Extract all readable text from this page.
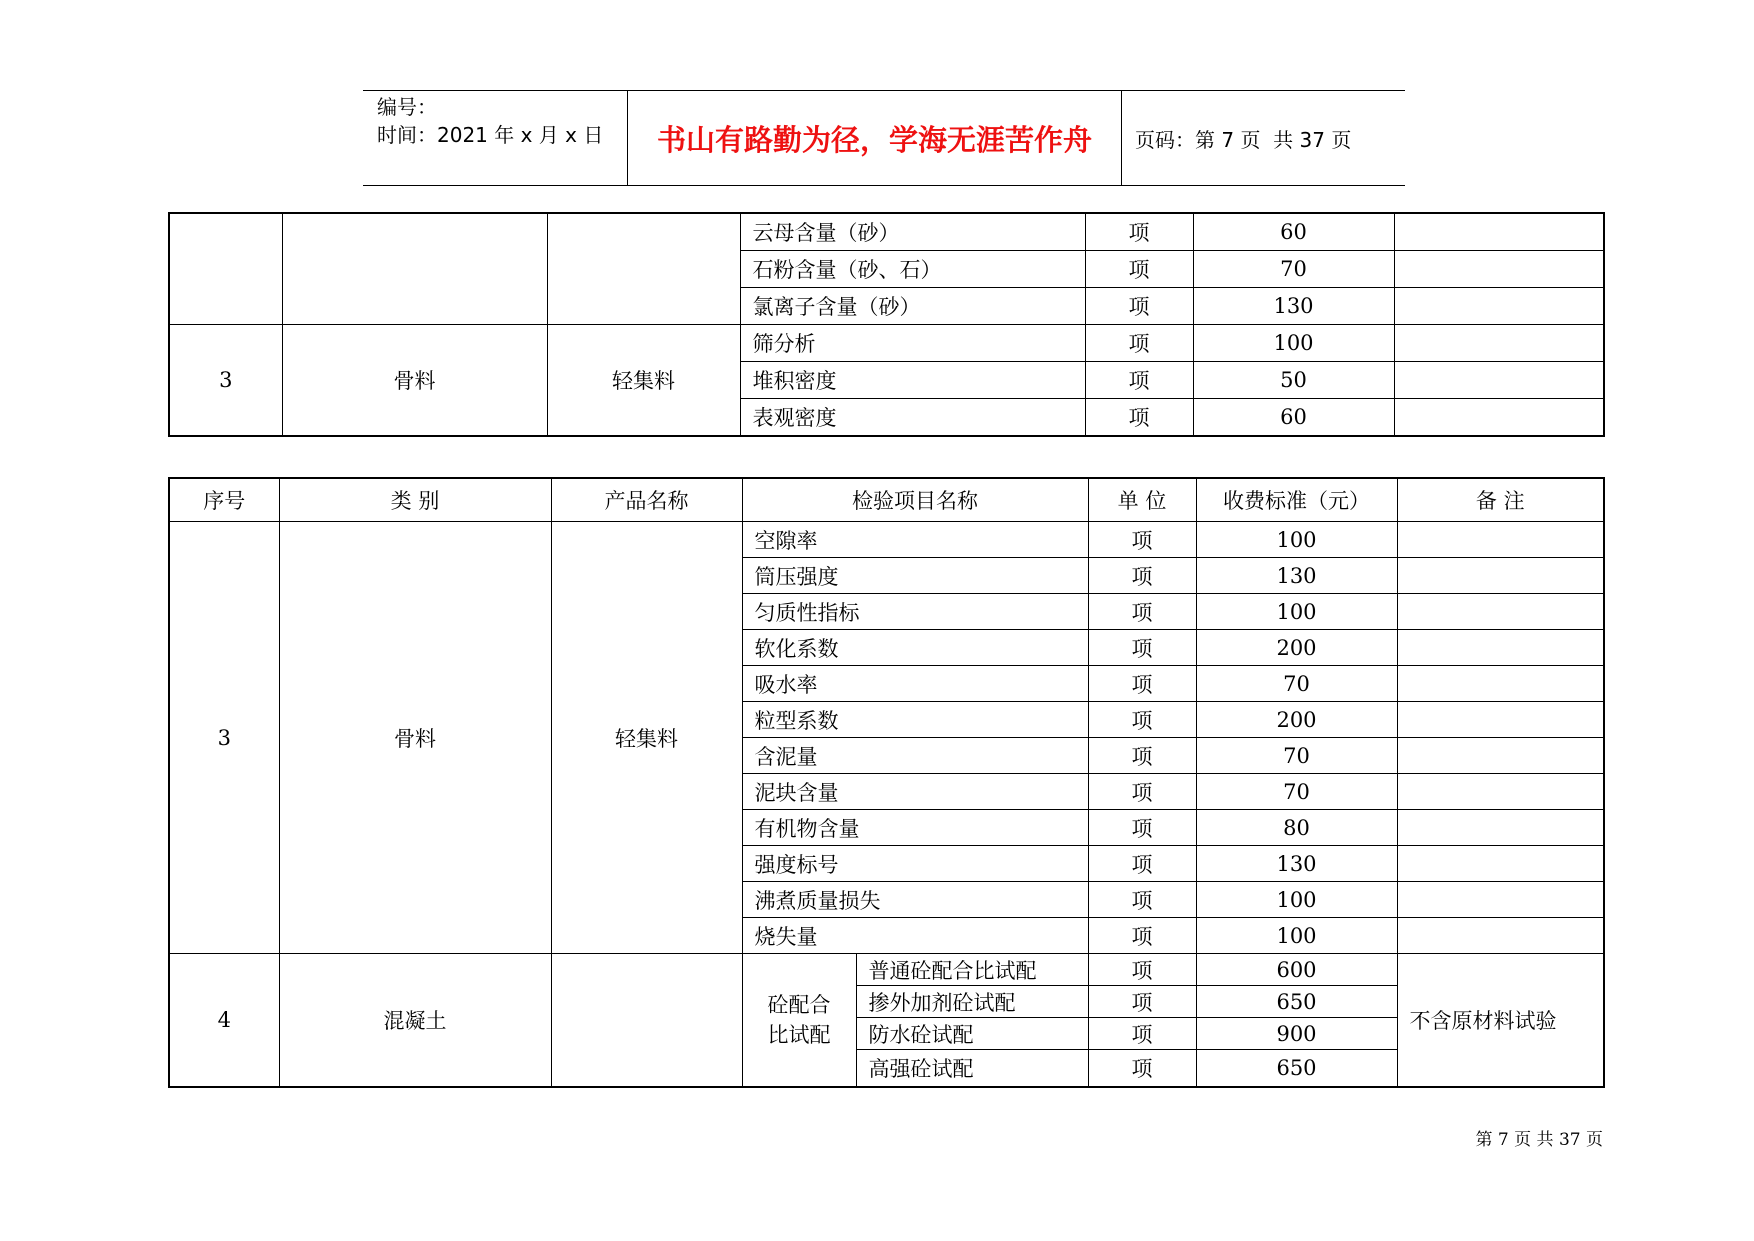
编号：
时间：2021 年 x 月 x 日	书山有路勤为径，学海无涯苦作舟	页码：第 7 页  共 37 页
			云母含量（砂）	项	60	
			石粉含量（砂、石）	项	70	
			氯离子含量（砂）	项	130	
3	骨料	轻集料	筛分析	项	100	
			堆积密度	项	50	
			表观密度	项	60	
序号	类 别	产品名称	检验项目名称		单 位	收费标准（元）	备 注
3	骨料	轻集料	空隙率		项	100	
			筒压强度		项	130	
			匀质性指标		项	100	
			软化系数		项	200	
			吸水率		项	70	
			粒型系数		项	200	
			含泥量		项	70	
			泥块含量		项	70	
			有机物含量		项	80	
			强度标号		项	130	
			沸煮质量损失		项	100	
			烧失量		项	100	
4	混凝土		砼配合比试配	普通砼配合比试配	项	600	不含原材料试验
				掺外加剂砼试配	项	650	
				防水砼试配	项	900	
				高强砼试配	项	650	
第 7 页 共 37 页
